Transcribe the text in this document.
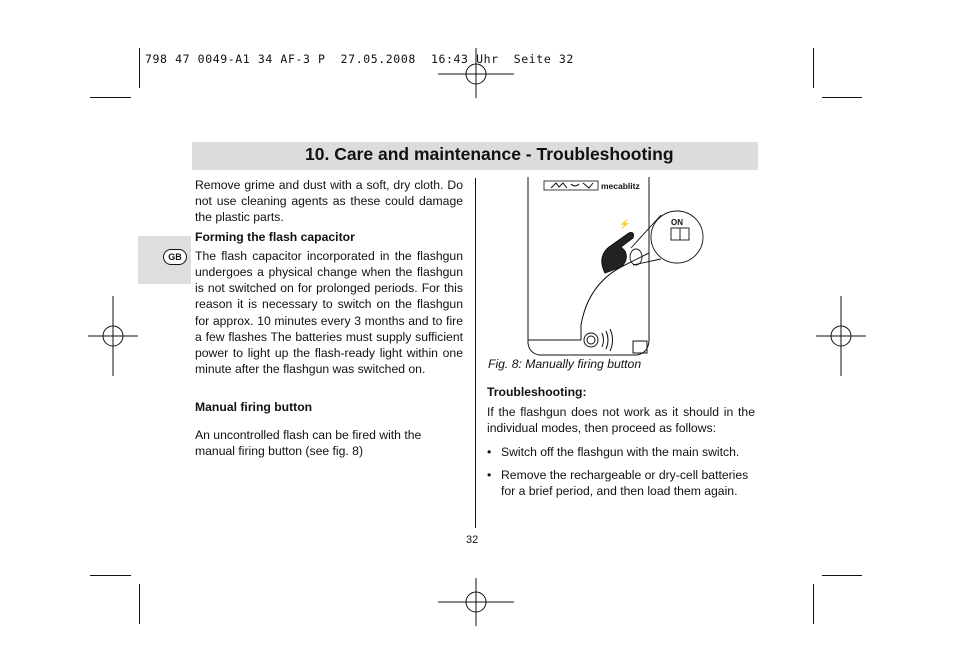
798 47 0049-A1 34 AF-3 P 27.05.2008 16:43 Uhr Seite 32
10. Care and maintenance - Troubleshooting
GB

Remove grime and dust with a soft, dry cloth. Do not use cleaning agents as these could damage the plastic parts.

Forming the flash capacitor

The flash capacitor incorporated in the flashgun undergoes a physical change when the flashgun is not switched on for prolonged periods. For this reason it is necessary to switch on the flashgun for approx. 10 minutes every 3 months and to fire a few flashes The batteries must supply sufficient power to light up the flash-ready light within one minute after the flashgun was switched on.

Manual firing button

An uncontrolled flash can be fired with the manual firing button (see fig. 8)

mecablitz
ON
⚡
Fig. 8: Manually firing button

Troubleshooting:

If the flashgun does not work as it should in the individual modes, then proceed as follows:

• Switch off the flashgun with the main switch.
• Remove the rechargeable or dry-cell batteries for a brief period, and then load them again.
32
